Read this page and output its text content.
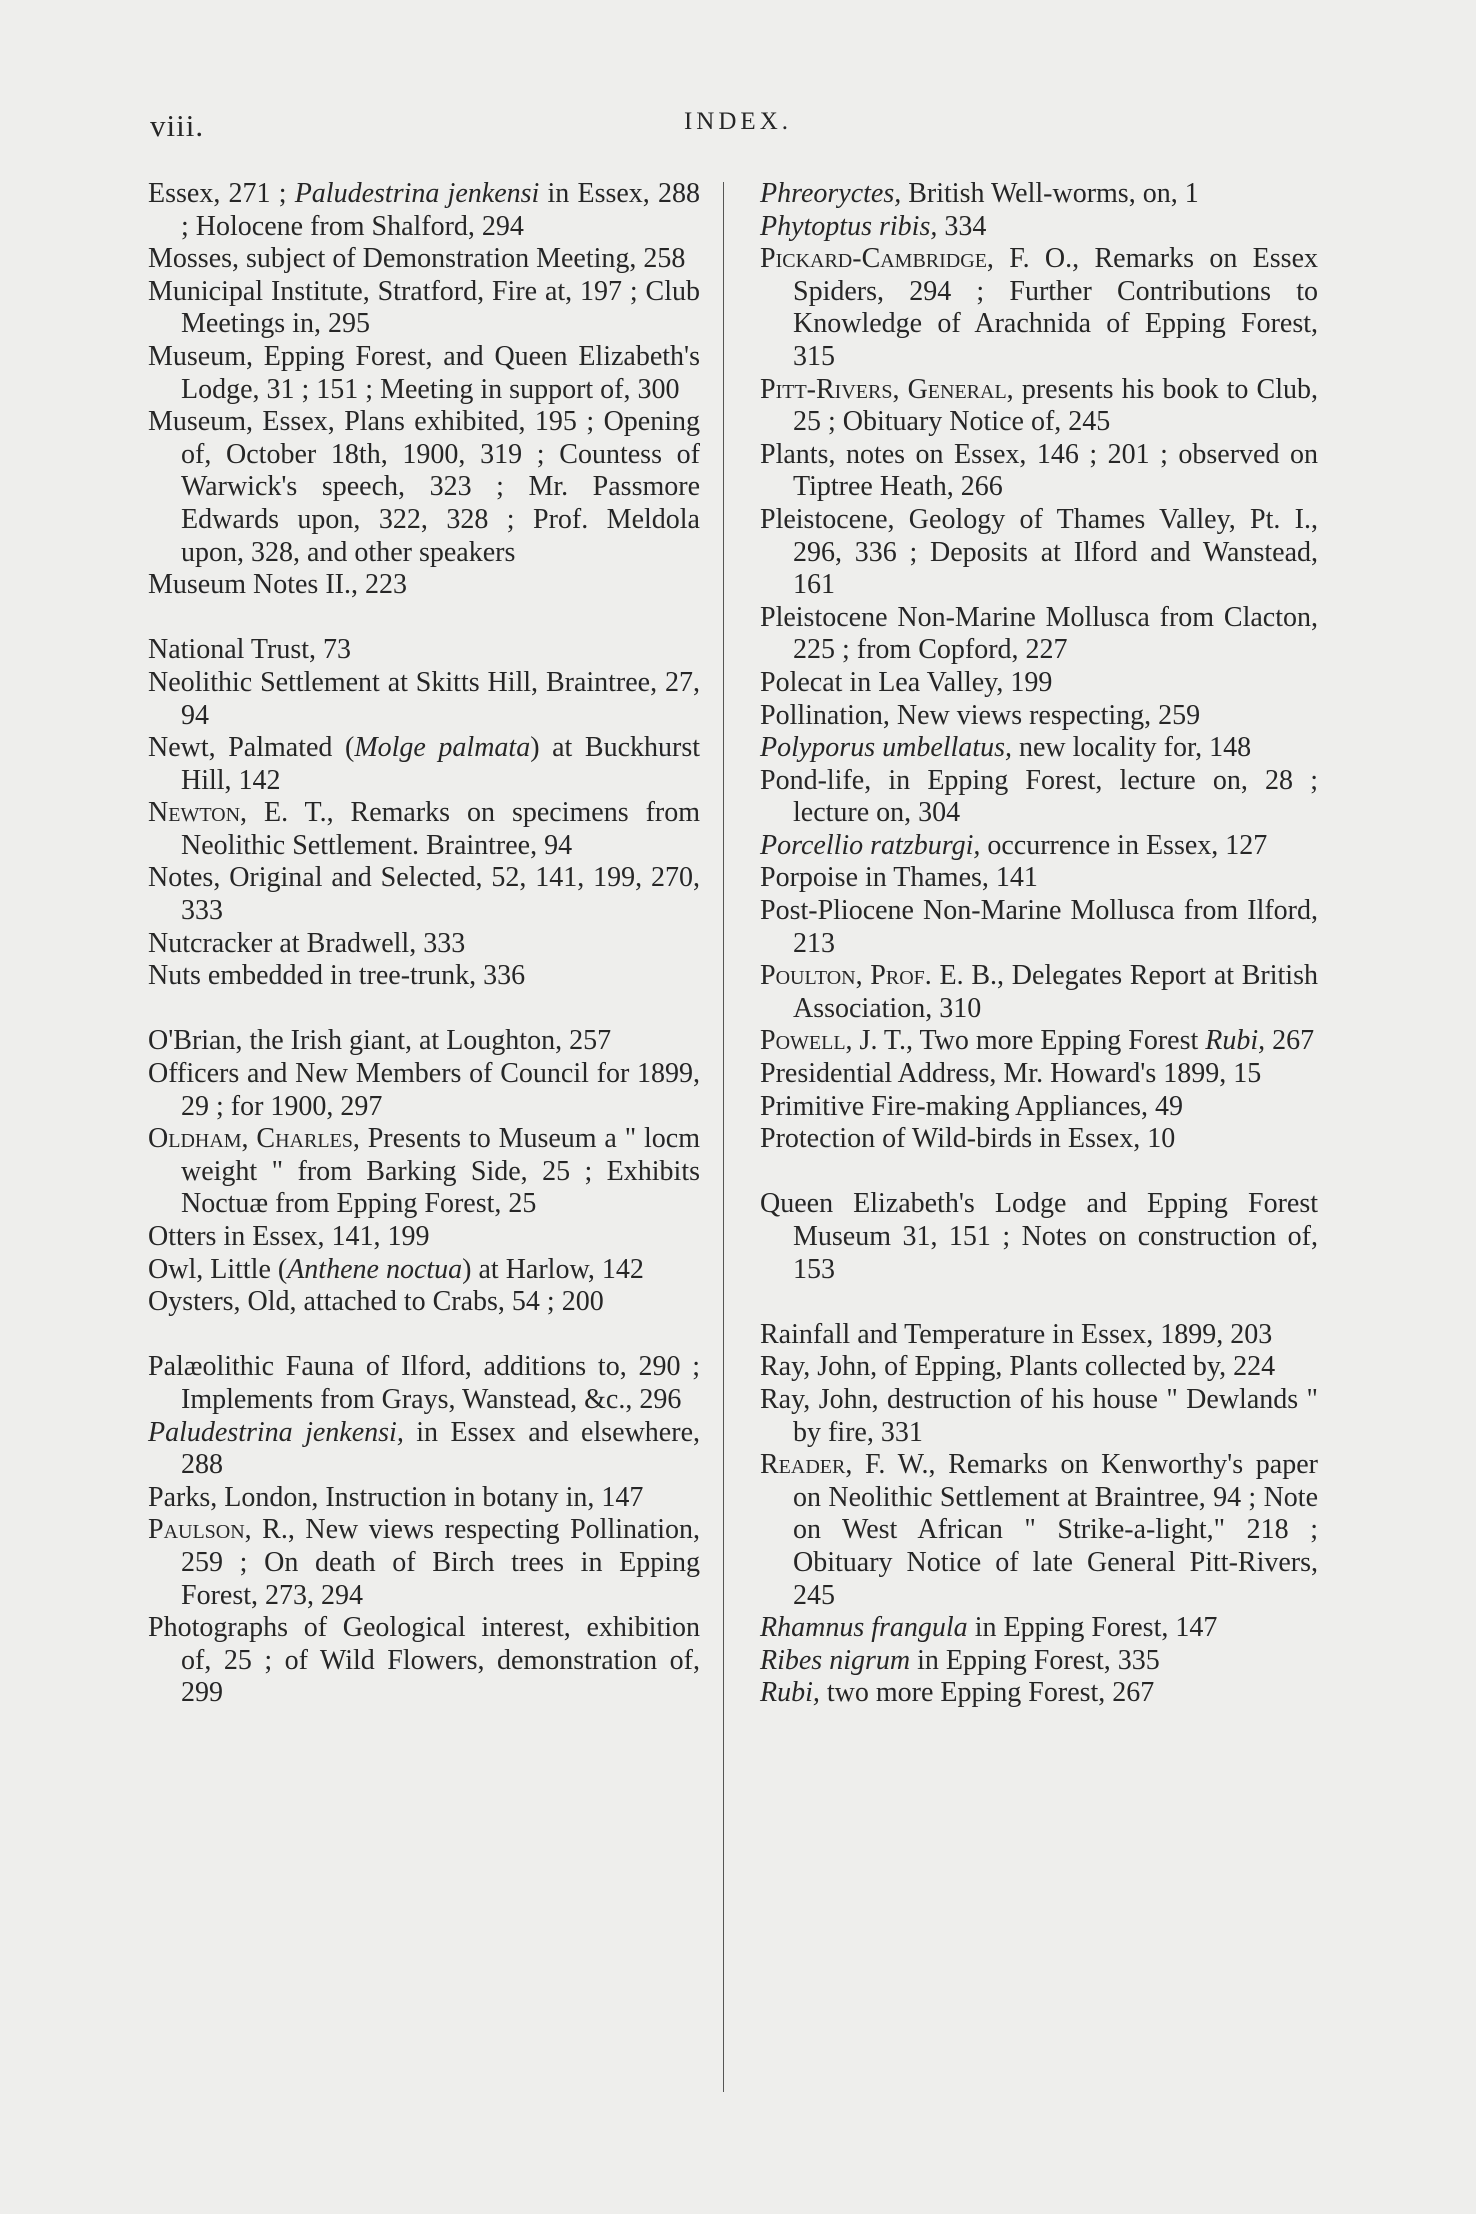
viii.	INDEX.

Essex, 271 ; Paludestrina jenkensi in Essex, 288 ; Holocene from Shalford, 294

Mosses, subject of Demonstration Meeting, 258

Municipal Institute, Stratford, Fire at, 197 ; Club Meetings in, 295

Museum, Epping Forest, and Queen Elizabeth's Lodge, 31 ; 151 ; Meeting in support of, 300

Museum, Essex, Plans exhibited, 195 ; Opening of, October 18th, 1900, 319 ; Countess of Warwick's speech, 323 ; Mr. Passmore Edwards upon, 322, 328 ; Prof. Meldola upon, 328, and other speakers

Museum Notes II., 223

National Trust, 73

Neolithic Settlement at Skitts Hill, Braintree, 27, 94

Newt, Palmated (Molge palmata) at Buckhurst Hill, 142

Newton, E. T., Remarks on specimens from Neolithic Settlement. Braintree, 94

Notes, Original and Selected, 52, 141, 199, 270, 333

Nutcracker at Bradwell, 333

Nuts embedded in tree-trunk, 336

O'Brian, the Irish giant, at Loughton, 257

Officers and New Members of Council for 1899, 29 ; for 1900, 297

Oldham, Charles, Presents to Museum a " locm weight " from Barking Side, 25 ; Exhibits Noctuæ from Epping Forest, 25

Otters in Essex, 141, 199

Owl, Little (Anthene noctua) at Harlow, 142

Oysters, Old, attached to Crabs, 54 ; 200

Palæolithic Fauna of Ilford, additions to, 290 ; Implements from Grays, Wanstead, &c., 296

Paludestrina jenkensi, in Essex and elsewhere, 288

Parks, London, Instruction in botany in, 147

Paulson, R., New views respecting Pollination, 259 ; On death of Birch trees in Epping Forest, 273, 294

Photographs of Geological interest, exhibition of, 25 ; of Wild Flowers, demonstration of, 299

Phreoryctes, British Well-worms, on, 1

Phytoptus ribis, 334

Pickard-Cambridge, F. O., Remarks on Essex Spiders, 294 ; Further Contributions to Knowledge of Arachnida of Epping Forest, 315

Pitt-Rivers, General, presents his book to Club, 25 ; Obituary Notice of, 245

Plants, notes on Essex, 146 ; 201 ; observed on Tiptree Heath, 266

Pleistocene, Geology of Thames Valley, Pt. I., 296, 336 ; Deposits at Ilford and Wanstead, 161

Pleistocene Non-Marine Mollusca from Clacton, 225 ; from Copford, 227

Polecat in Lea Valley, 199

Pollination, New views respecting, 259

Polyporus umbellatus, new locality for, 148

Pond-life, in Epping Forest, lecture on, 28 ; lecture on, 304

Porcellio ratzburgi, occurrence in Essex, 127

Porpoise in Thames, 141

Post-Pliocene Non-Marine Mollusca from Ilford, 213

Poulton, Prof. E. B., Delegates Report at British Association, 310

Powell, J. T., Two more Epping Forest Rubi, 267

Presidential Address, Mr. Howard's 1899, 15

Primitive Fire-making Appliances, 49

Protection of Wild-birds in Essex, 10

Queen Elizabeth's Lodge and Epping Forest Museum 31, 151 ; Notes on construction of, 153

Rainfall and Temperature in Essex, 1899, 203

Ray, John, of Epping, Plants collected by, 224

Ray, John, destruction of his house " Dewlands " by fire, 331

Reader, F. W., Remarks on Kenworthy's paper on Neolithic Settlement at Braintree, 94 ; Note on West African " Strike-a-light," 218 ; Obituary Notice of late General Pitt-Rivers, 245

Rhamnus frangula in Epping Forest, 147

Ribes nigrum in Epping Forest, 335

Rubi, two more Epping Forest, 267
